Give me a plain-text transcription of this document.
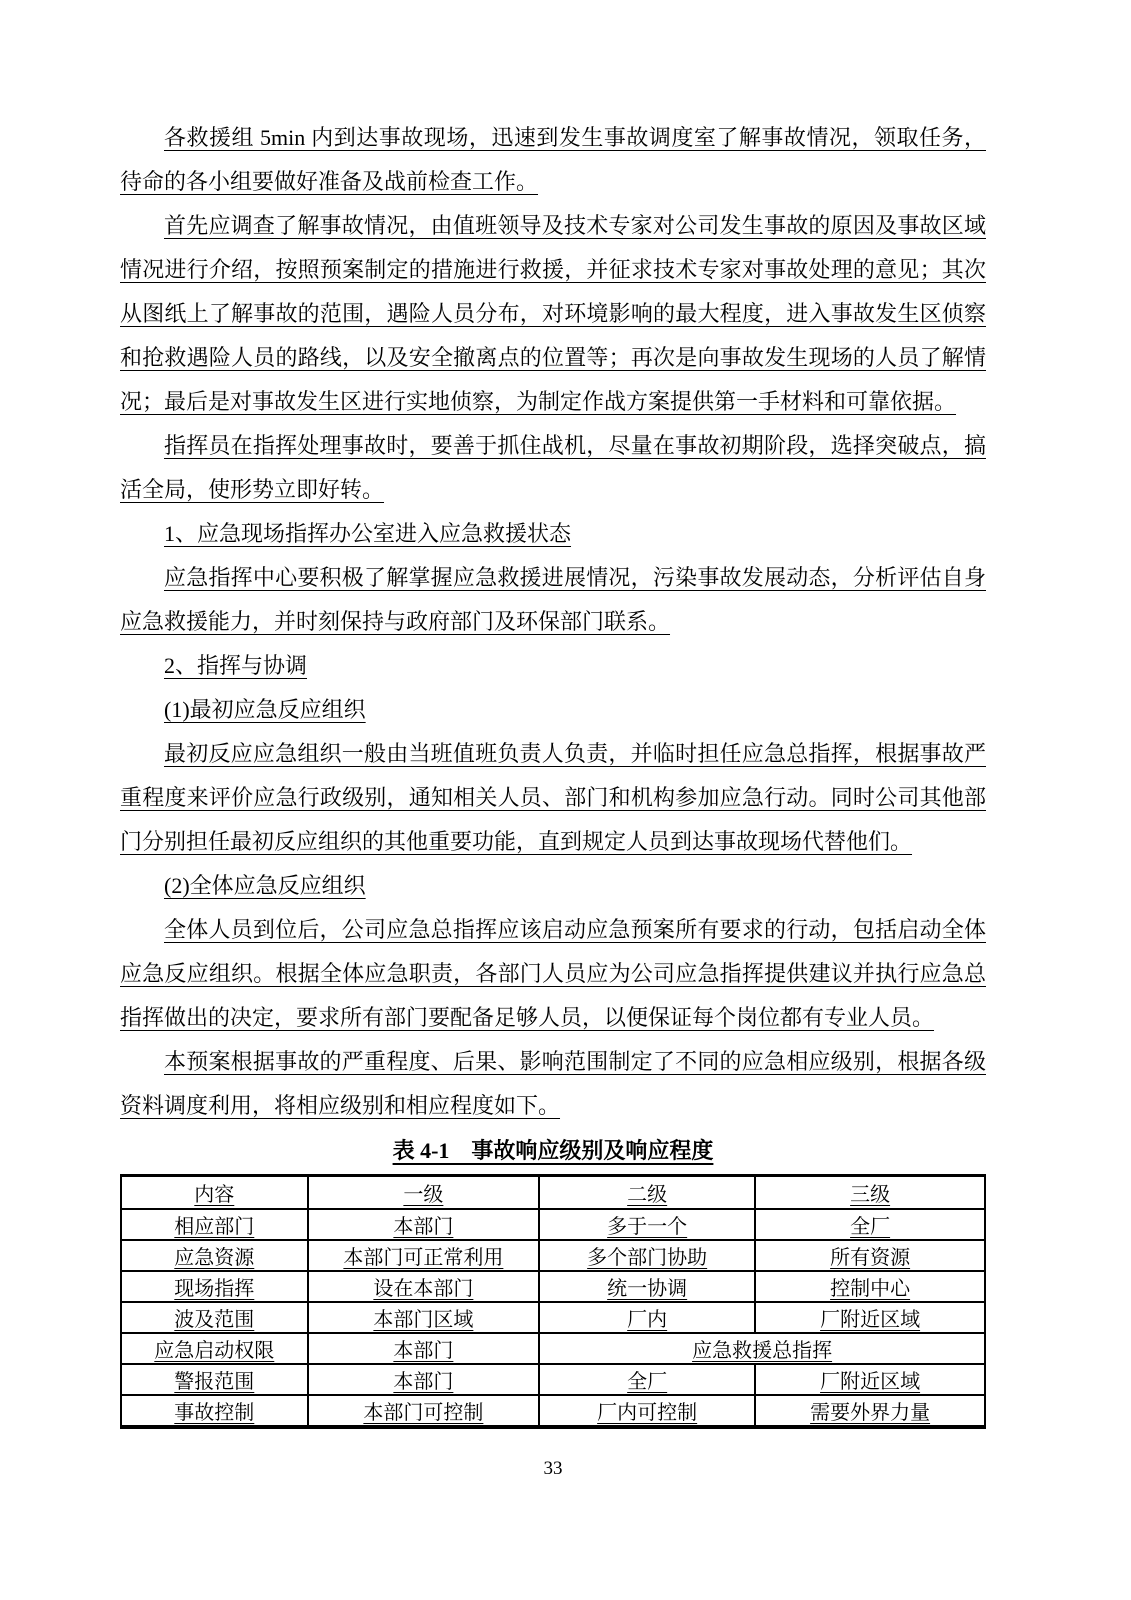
各救援组 5min 内到达事故现场，迅速到发生事故调度室了解事故情况，领取任务，待命的各小组要做好准备及战前检查工作。

首先应调查了解事故情况，由值班领导及技术专家对公司发生事故的原因及事故区域情况进行介绍，按照预案制定的措施进行救援，并征求技术专家对事故处理的意见；其次从图纸上了解事故的范围，遇险人员分布，对环境影响的最大程度，进入事故发生区侦察和抢救遇险人员的路线，以及安全撤离点的位置等；再次是向事故发生现场的人员了解情况；最后是对事故发生区进行实地侦察，为制定作战方案提供第一手材料和可靠依据。

指挥员在指挥处理事故时，要善于抓住战机，尽量在事故初期阶段，选择突破点，搞活全局，使形势立即好转。

1、应急现场指挥办公室进入应急救援状态

应急指挥中心要积极了解掌握应急救援进展情况，污染事故发展动态，分析评估自身应急救援能力，并时刻保持与政府部门及环保部门联系。

2、指挥与协调

(1)最初应急反应组织

最初反应应急组织一般由当班值班负责人负责，并临时担任应急总指挥，根据事故严重程度来评价应急行政级别，通知相关人员、部门和机构参加应急行动。同时公司其他部门分别担任最初反应组织的其他重要功能，直到规定人员到达事故现场代替他们。

(2)全体应急反应组织

全体人员到位后，公司应急总指挥应该启动应急预案所有要求的行动，包括启动全体应急反应组织。根据全体应急职责，各部门人员应为公司应急指挥提供建议并执行应急总指挥做出的决定，要求所有部门要配备足够人员，以便保证每个岗位都有专业人员。

本预案根据事故的严重程度、后果、影响范围制定了不同的应急相应级别，根据各级资料调度利用，将相应级别和相应程度如下。

表 4-1　事故响应级别及响应程度
内容	一级	二级	三级
相应部门	本部门	多于一个	全厂
应急资源	本部门可正常利用	多个部门协助	所有资源
现场指挥	设在本部门	统一协调	控制中心
波及范围	本部门区域	厂内	厂附近区域
应急启动权限	本部门	应急救援总指挥	
警报范围	本部门	全厂	厂附近区域
事故控制	本部门可控制	厂内可控制	需要外界力量
33
